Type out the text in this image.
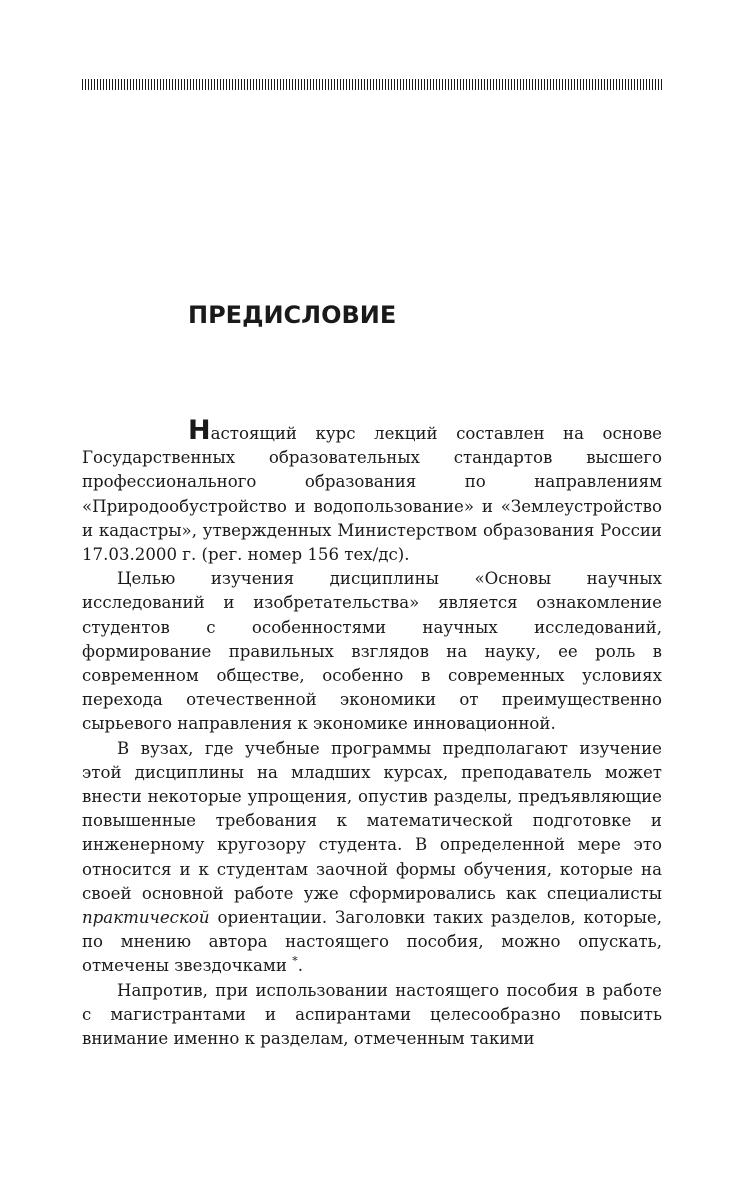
ПРЕДИСЛОВИЕ

Настоящий курс лекций составлен на основе Государственных образовательных стандартов высшего профессионального образования по направлениям «Природообустройство и водопользование» и «Землеустройство и кадастры», утвержденных Министерством образования России 17.03.2000 г. (рег. номер 156 тех/дс).

Целью изучения дисциплины «Основы научных исследований и изобретательства» является ознакомление студентов с особенностями научных исследований, формирование правильных взглядов на науку, ее роль в современном обществе, особенно в современных условиях перехода отечественной экономики от преимущественно сырьевого направления к экономике инновационной.

В вузах, где учебные программы предполагают изучение этой дисциплины на младших курсах, преподаватель может внести некоторые упрощения, опустив разделы, предъявляющие повышенные требования к математической подготовке и инженерному кругозору студента. В определенной мере это относится и к студентам заочной формы обучения, которые на своей основной работе уже сформировались как специалисты практической ориентации. Заголовки таких разделов, которые, по мнению автора настоящего пособия, можно опускать, отмечены звездочками *.

Напротив, при использовании настоящего пособия в работе с магистрантами и аспирантами целесообразно повысить внимание именно к разделам, отмеченным такими
